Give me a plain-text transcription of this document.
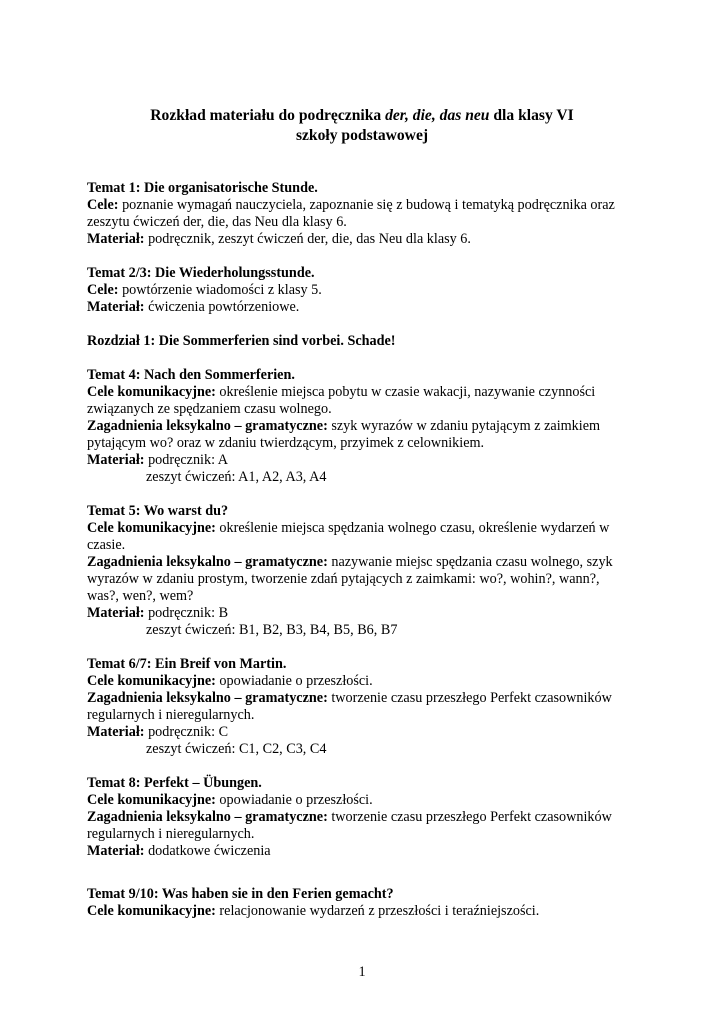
Rozkład materiału do podręcznika der, die, das neu dla klasy VI
szkoły podstawowej
Temat 1: Die organisatorische Stunde.
Cele: poznanie wymagań nauczyciela, zapoznanie się z budową i tematyką podręcznika oraz
zeszytu ćwiczeń der, die, das Neu dla klasy 6.
Materiał: podręcznik, zeszyt ćwiczeń der, die, das Neu dla klasy 6.
Temat 2/3: Die Wiederholungsstunde.
Cele: powtórzenie wiadomości z klasy 5.
Materiał: ćwiczenia powtórzeniowe.
Rozdział 1: Die Sommerferien sind vorbei. Schade!
Temat 4: Nach den Sommerferien.
Cele komunikacyjne: określenie miejsca pobytu w czasie wakacji, nazywanie czynności
związanych ze spędzaniem czasu wolnego.
Zagadnienia leksykalno – gramatyczne: szyk wyrazów w zdaniu pytającym z zaimkiem
pytającym wo? oraz w zdaniu twierdzącym, przyimek z celownikiem.
Materiał: podręcznik: A
zeszyt ćwiczeń: A1, A2, A3, A4
Temat 5: Wo warst du?
Cele komunikacyjne: określenie miejsca spędzania wolnego czasu, określenie wydarzeń w
czasie.
Zagadnienia leksykalno – gramatyczne: nazywanie miejsc spędzania czasu wolnego, szyk
wyrazów w zdaniu prostym, tworzenie zdań pytających z zaimkami: wo?, wohin?, wann?,
was?, wen?, wem?
Materiał: podręcznik: B
zeszyt ćwiczeń: B1, B2, B3, B4, B5, B6, B7
Temat 6/7: Ein Breif von Martin.
Cele komunikacyjne: opowiadanie o przeszłości.
Zagadnienia leksykalno – gramatyczne: tworzenie czasu przeszłego Perfekt czasowników
regularnych i nieregularnych.
Materiał: podręcznik: C
zeszyt ćwiczeń: C1, C2, C3, C4
Temat 8: Perfekt – Übungen.
Cele komunikacyjne: opowiadanie o przeszłości.
Zagadnienia leksykalno – gramatyczne: tworzenie czasu przeszłego Perfekt czasowników
regularnych i nieregularnych.
Materiał: dodatkowe ćwiczenia
Temat 9/10: Was haben sie in den Ferien gemacht?
Cele komunikacyjne: relacjonowanie wydarzeń z przeszłości i teraźniejszości.
1
